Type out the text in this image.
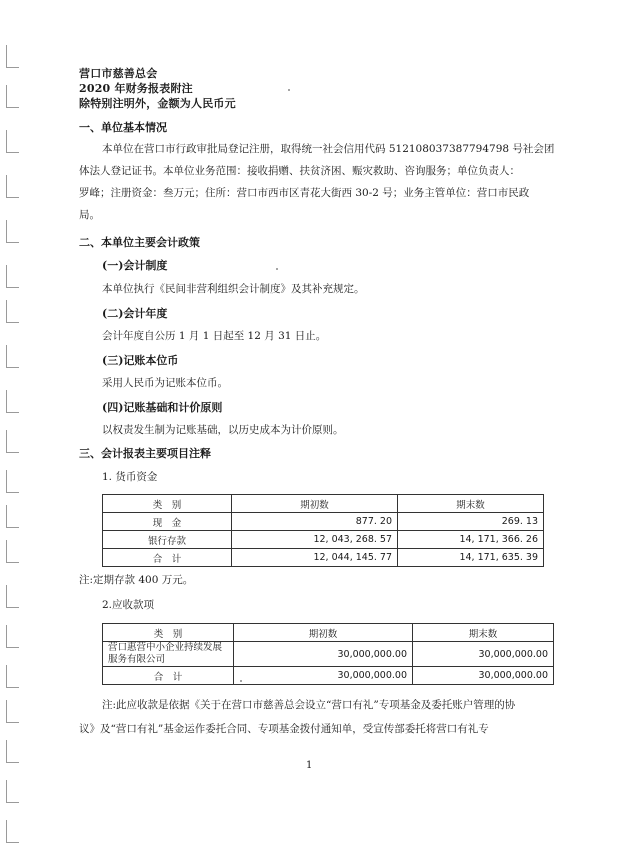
营口市慈善总会
2020 年财务报表附注
除特别注明外，金额为人民币元
一、单位基本情况
本单位在营口市行政审批局登记注册，取得统一社会信用代码 512108037387794798 号社会团
体法人登记证书。本单位业务范围：接收捐赠、扶贫济困、赈灾救助、咨询服务；单位负责人：
罗峰；注册资金：叁万元；住所：营口市西市区青花大街西 30-2 号；业务主管单位：营口市民政
局。
二、本单位主要会计政策
(一)会计制度
本单位执行《民间非营利组织会计制度》及其补充规定。
(二)会计年度
会计年度自公历 1 月 1 日起至 12 月 31 日止。
(三)记账本位币
采用人民币为记账本位币。
(四)记账基础和计价原则
以权责发生制为记账基础，以历史成本为计价原则。
三、会计报表主要项目注释
1. 货币资金
类　别	期初数	期末数
现　金	877. 20	269. 13
银行存款	12, 043, 268. 57	14, 171, 366. 26
合　计	12, 044, 145. 77	14, 171, 635. 39
注:定期存款 400 万元。
2.应收款项
类　别	期初数	期末数
营口惠营中小企业持续发展服务有限公司	30,000,000.00	30,000,000.00
合　计	30,000,000.00	30,000,000.00
注:此应收款是依据《关于在营口市慈善总会设立“营口有礼”专项基金及委托账户管理的协
议》及“营口有礼”基金运作委托合同、专项基金拨付通知单，受宣传部委托将营口有礼专
1
